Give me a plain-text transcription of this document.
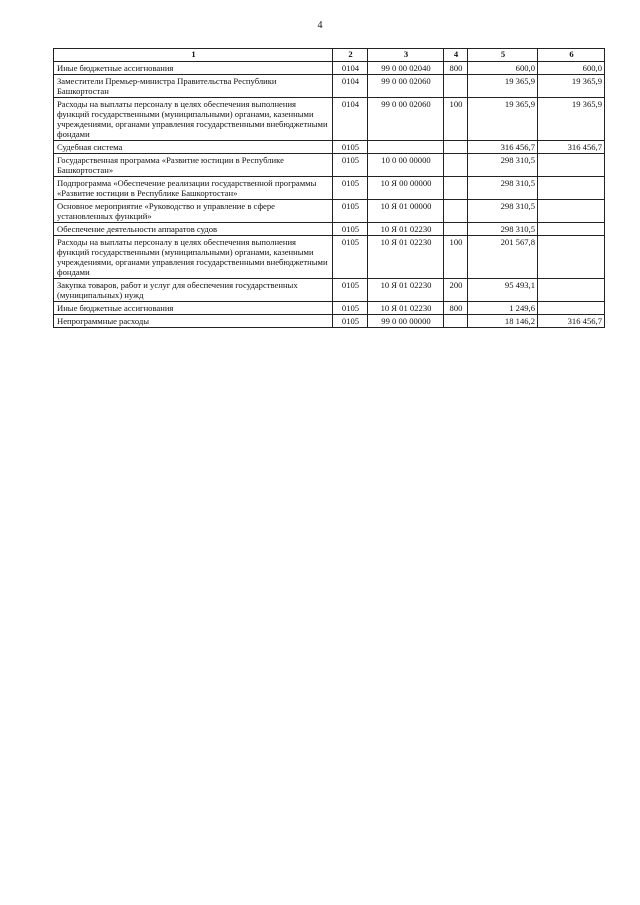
4
1	2	3	4	5	6
Иные бюджетные ассигнования	0104	99 0 00 02040	800	600,0	600,0
Заместители Премьер-министра Правительства Республики Башкортостан	0104	99 0 00 02060		19 365,9	19 365,9
Расходы на выплаты персоналу в целях обеспечения выполнения функций государственными (муниципальными) органами, казенными учреждениями, органами управления государственными внебюджетными фондами	0104	99 0 00 02060	100	19 365,9	19 365,9
Судебная система	0105			316 456,7	316 456,7
Государственная программа «Развитие юстиции в Республике Башкортостан»	0105	10 0 00 00000		298 310,5	
Подпрограмма «Обеспечение реализации государственной программы «Развитие юстиции в Республике Башкортостан»	0105	10 Я 00 00000		298 310,5	
Основное мероприятие «Руководство и управление в сфере установленных функций»	0105	10 Я 01 00000		298 310,5	
Обеспечение деятельности аппаратов судов	0105	10 Я 01 02230		298 310,5	
Расходы на выплаты персоналу в целях обеспечения выполнения функций государственными (муниципальными) органами, казенными учреждениями, органами управления государственными внебюджетными фондами	0105	10 Я 01 02230	100	201 567,8	
Закупка товаров, работ и услуг для обеспечения государственных (муниципальных) нужд	0105	10 Я 01 02230	200	95 493,1	
Иные бюджетные ассигнования	0105	10 Я 01 02230	800	1 249,6	
Непрограммные расходы	0105	99 0 00 00000		18 146,2	316 456,7
